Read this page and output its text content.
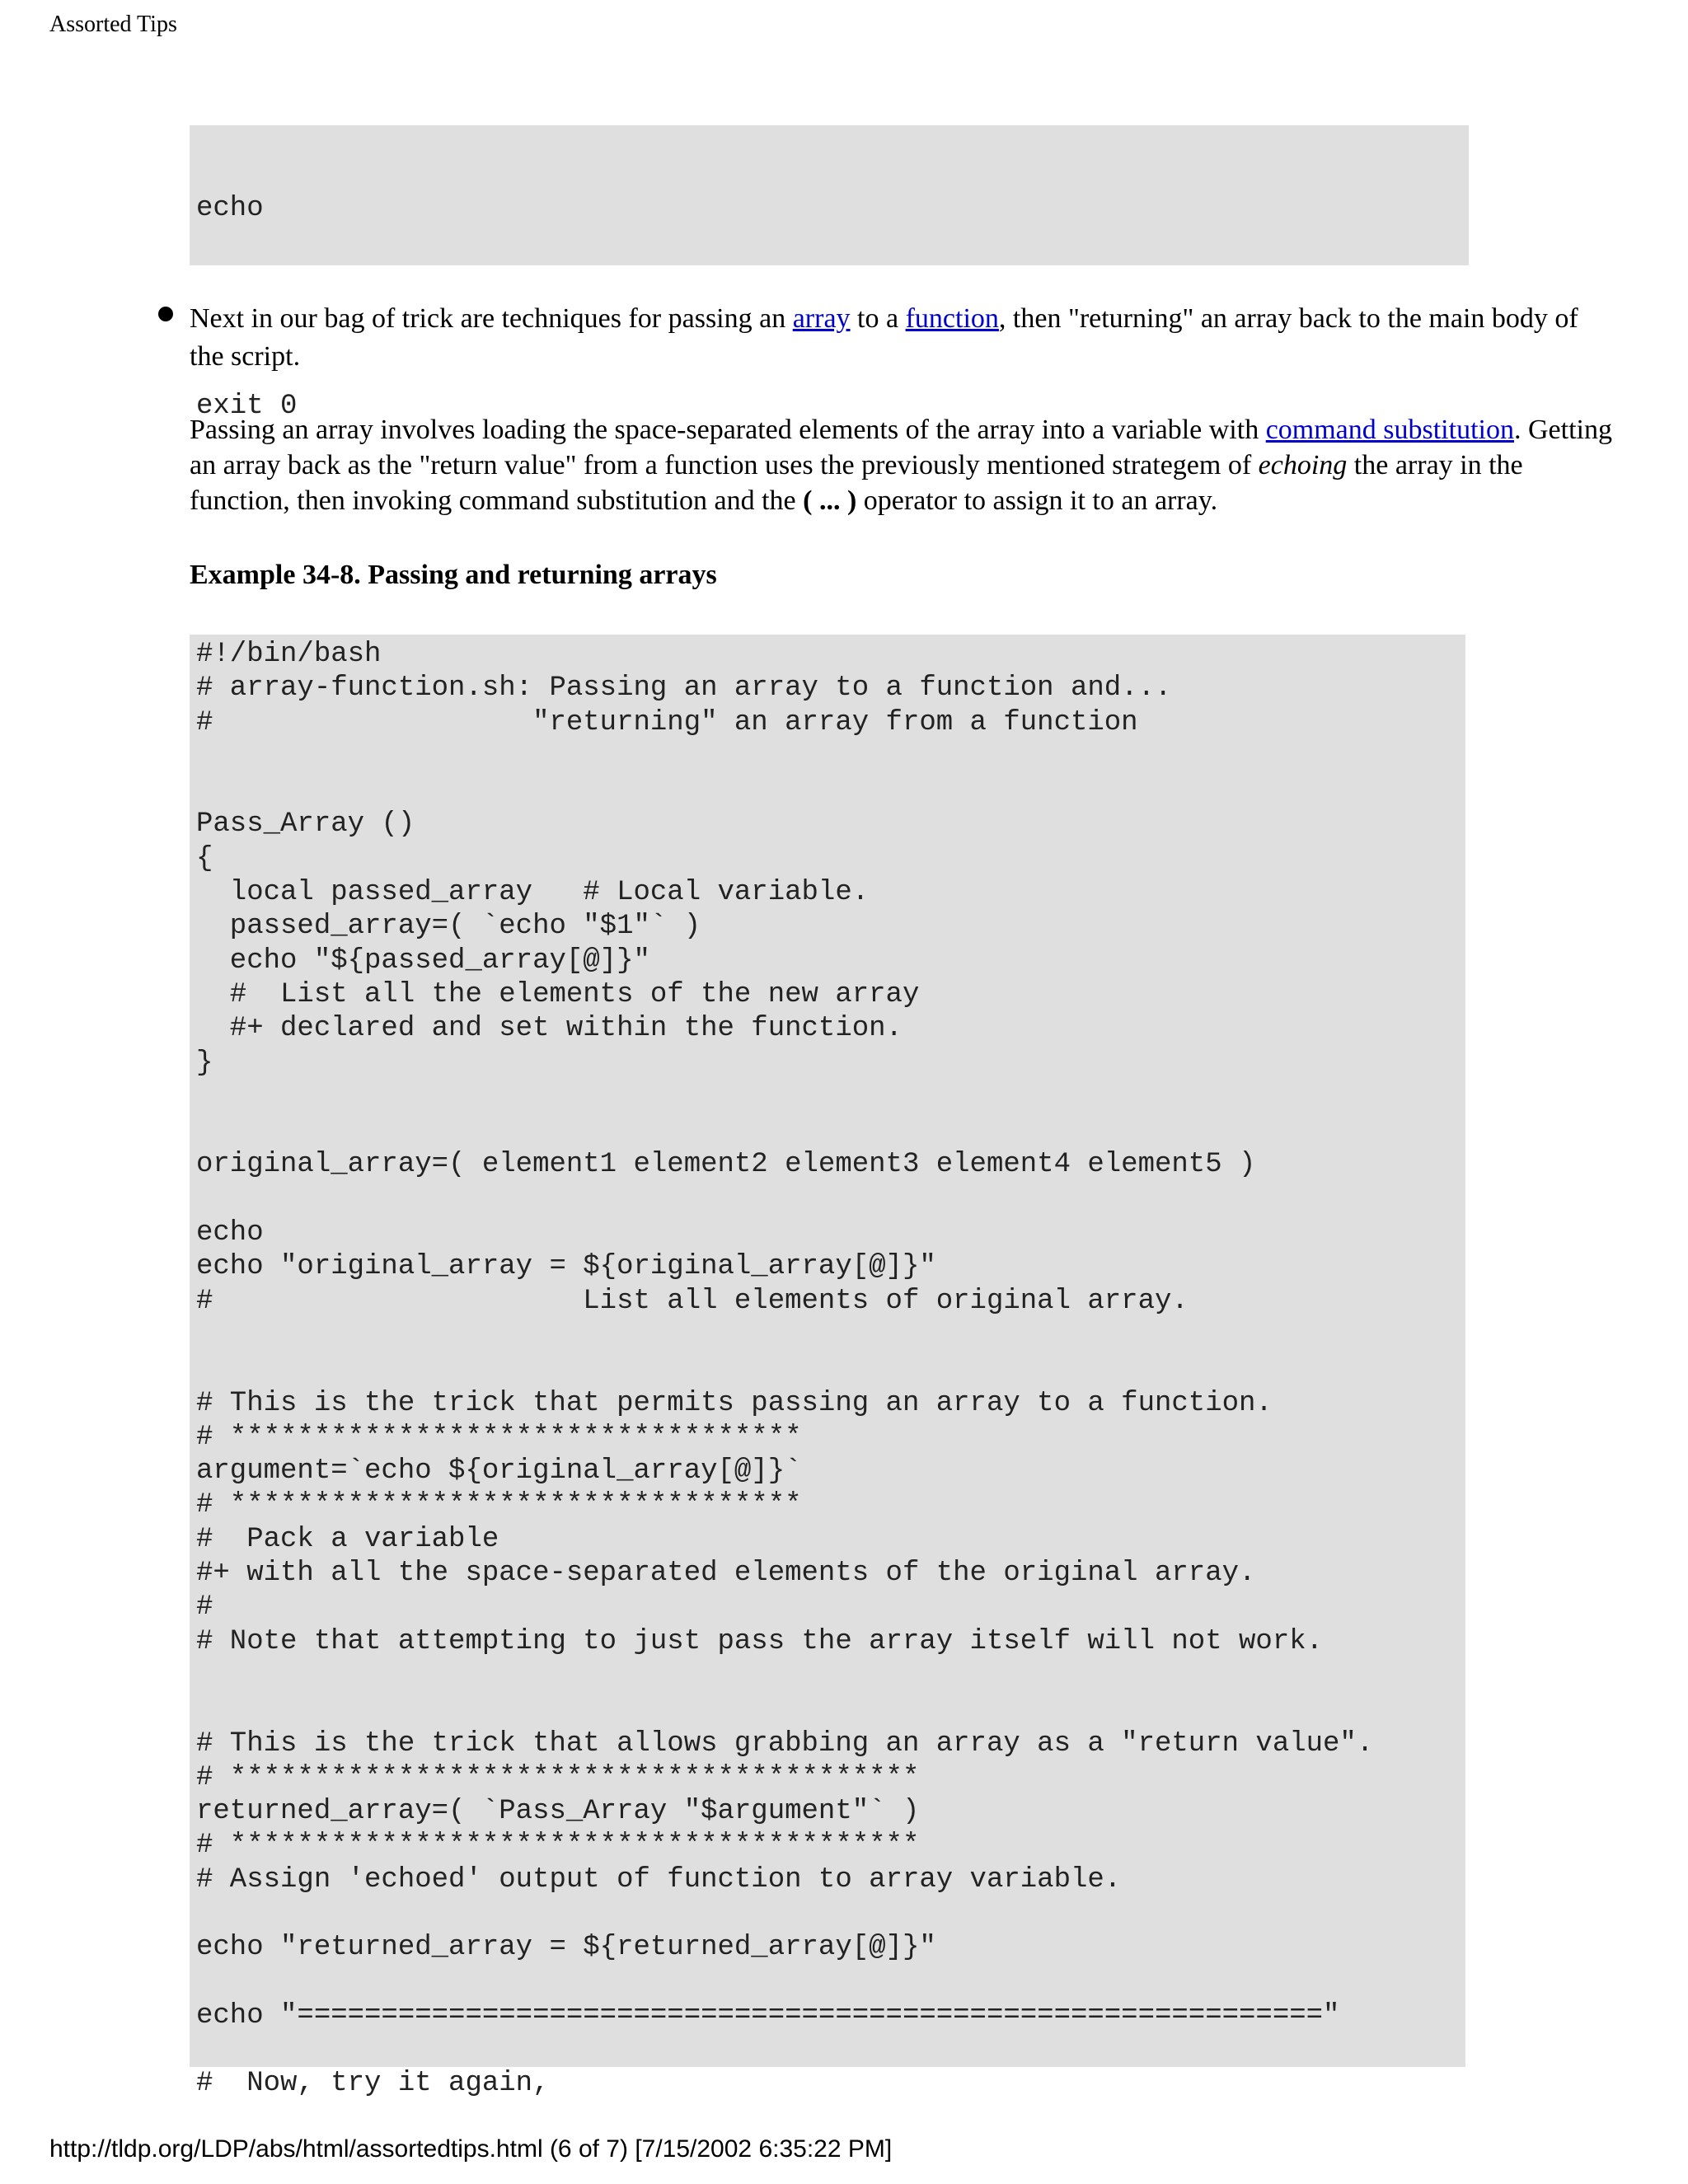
Assorted Tips

echo

exit 0

Next in our bag of trick are techniques for passing an array to a function, then "returning" an array back to the main body of the script.
Passing an array involves loading the space-separated elements of the array into a variable with command substitution. Getting an array back as the "return value" from a function uses the previously mentioned strategem of echoing the array in the function, then invoking command substitution and the ( ... ) operator to assign it to an array.
Example 34-8. Passing and returning arrays
#!/bin/bash
# array-function.sh: Passing an array to a function and...
#                   "returning" an array from a function
Pass_Array ()
{
local passed_array   # Local variable.
passed_array=( `echo "$1"` )
echo "${passed_array[@]}"
#  List all the elements of the new array
#+ declared and set within the function.
}
original_array=( element1 element2 element3 element4 element5 )
echo
echo "original_array = ${original_array[@]}"
#                      List all elements of original array.
# This is the trick that permits passing an array to a function.
# **********************************
argument=`echo ${original_array[@]}`
# **********************************
#  Pack a variable
#+ with all the space-separated elements of the original array.
#
# Note that attempting to just pass the array itself will not work.
# This is the trick that allows grabbing an array as a "return value".
# *****************************************
returned_array=( `Pass_Array "$argument"` )
# *****************************************
# Assign 'echoed' output of function to array variable.
echo "returned_array = ${returned_array[@]}"
echo "============================================================="
#  Now, try it again,
http://tldp.org/LDP/abs/html/assortedtips.html (6 of 7) [7/15/2002 6:35:22 PM]
